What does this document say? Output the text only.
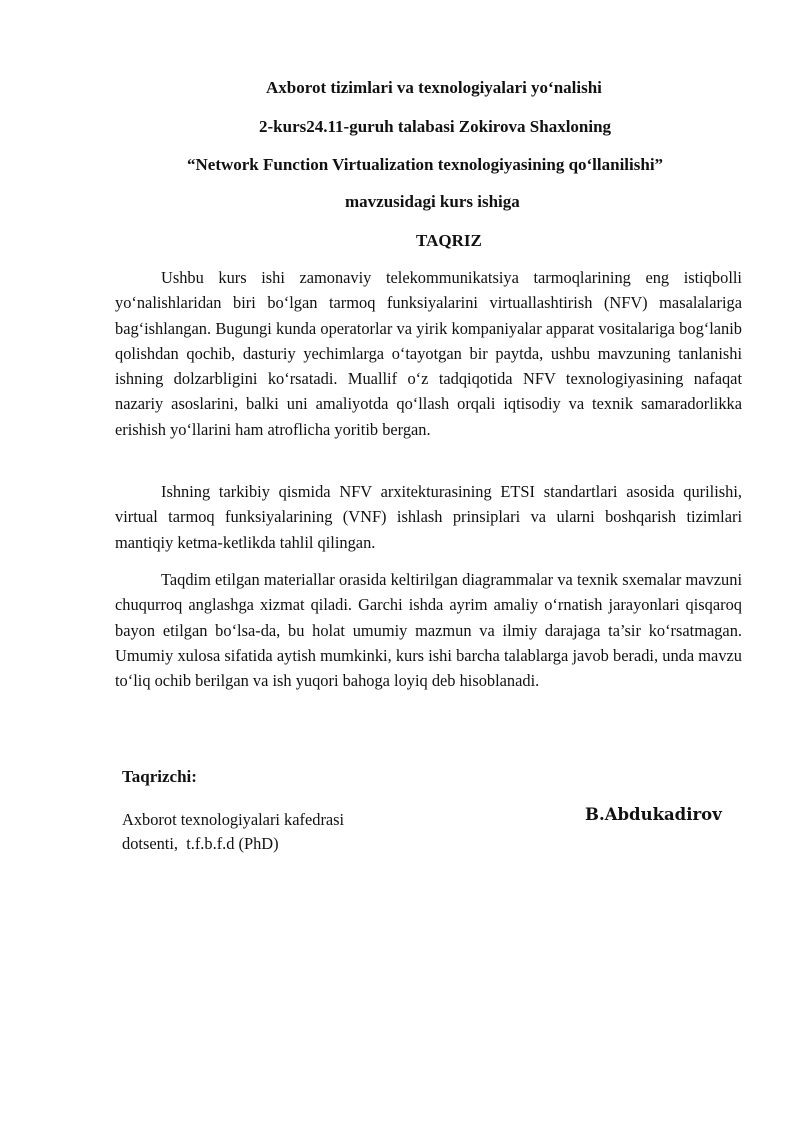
Axborot tizimlari va texnologiyalari yo‘nalishi
2-kurs24.11-guruh talabasi Zokirova Shaxloning
“Network Function Virtualization texnologiyasining qo‘llanilishi”
mavzusidagi kurs ishiga
TAQRIZ

Ushbu kurs ishi zamonaviy telekommunikatsiya tarmoqlarining eng istiqbolli yo‘nalishlaridan biri bo‘lgan tarmoq funksiyalarini virtuallashtirish (NFV) masalalariga bag‘ishlangan. Bugungi kunda operatorlar va yirik kompaniyalar apparat vositalariga bog‘lanib qolishdan qochib, dasturiy yechimlarga o‘tayotgan bir paytda, ushbu mavzuning tanlanishi ishning dolzarbligini ko‘rsatadi. Muallif o‘z tadqiqotida NFV texnologiyasining nafaqat nazariy asoslarini, balki uni amaliyotda qo‘llash orqali iqtisodiy va texnik samaradorlikka erishish yo‘llarini ham atroflicha yoritib bergan.

Ishning tarkibiy qismida NFV arxitekturasining ETSI standartlari asosida qurilishi, virtual tarmoq funksiyalarining (VNF) ishlash prinsiplari va ularni boshqarish tizimlari mantiqiy ketma-ketlikda tahlil qilingan.

Taqdim etilgan materiallar orasida keltirilgan diagrammalar va texnik sxemalar mavzuni chuqurroq anglashga xizmat qiladi. Garchi ishda ayrim amaliy o‘rnatish jarayonlari qisqaroq bayon etilgan bo‘lsa-da, bu holat umumiy mazmun va ilmiy darajaga ta’sir ko‘rsatmagan. Umumiy xulosa sifatida aytish mumkinki, kurs ishi barcha talablarga javob beradi, unda mavzu to‘liq ochib berilgan va ish yuqori bahoga loyiq deb hisoblanadi.

Taqrizchi:
Axborot texnologiyalari kafedrasi
dotsenti,  t.f.b.f.d (PhD)
B.Abdukadirov
